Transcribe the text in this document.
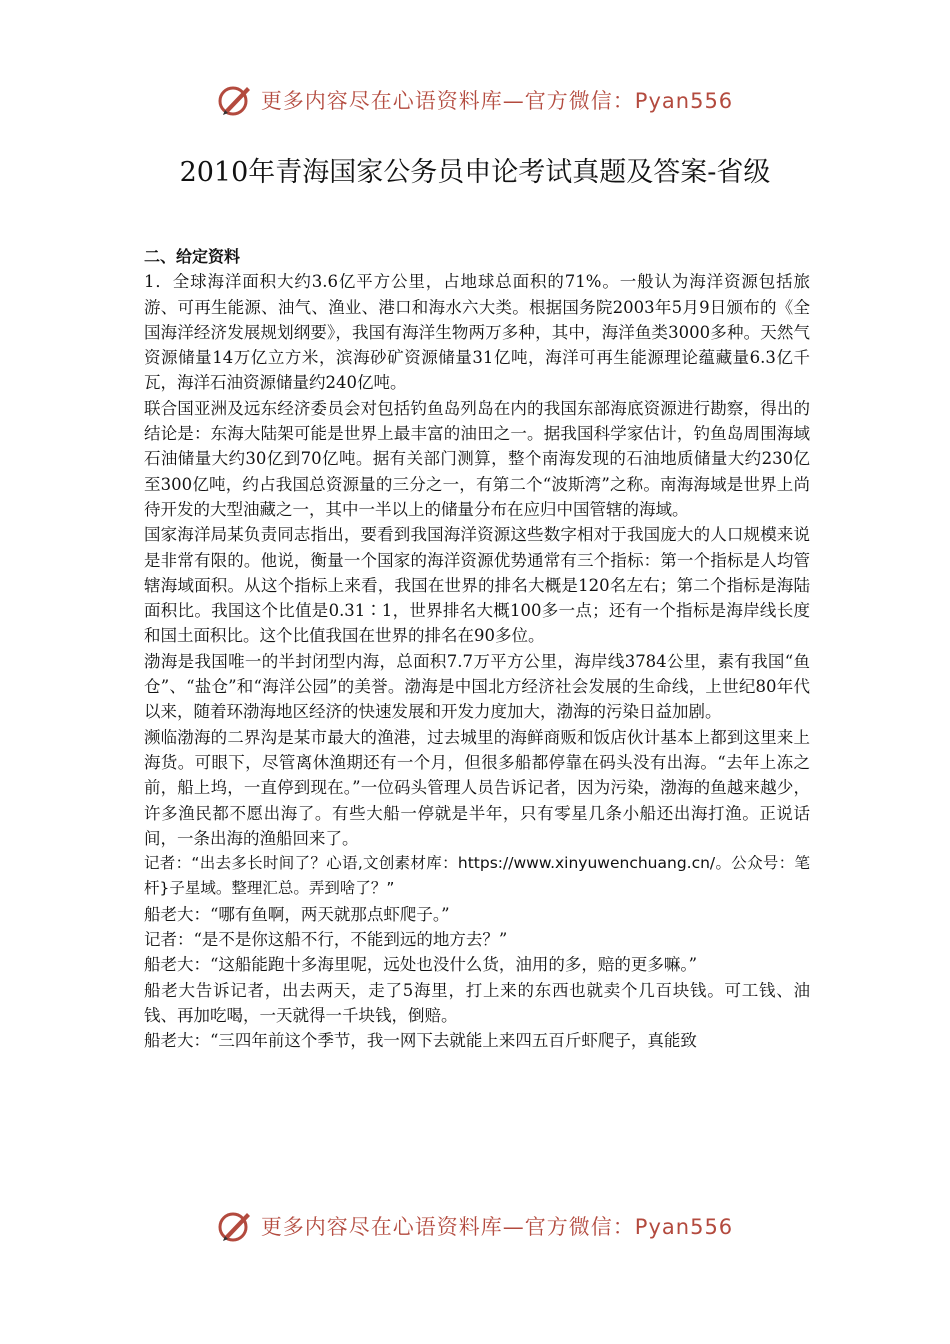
更多内容尽在心语资料库—官方微信：Pyan556
2010年青海国家公务员申论考试真题及答案-省级

二、给定资料

1．全球海洋面积大约3.6亿平方公里，占地球总面积的71%。一般认为海洋资源包括旅游、可再生能源、油气、渔业、港口和海水六大类。根据国务院2003年5月9日颁布的《全国海洋经济发展规划纲要》，我国有海洋生物两万多种，其中，海洋鱼类3000多种。天然气资源储量14万亿立方米，滨海砂矿资源储量31亿吨，海洋可再生能源理论蕴藏量6.3亿千瓦，海洋石油资源储量约240亿吨。

联合国亚洲及远东经济委员会对包括钓鱼岛列岛在内的我国东部海底资源进行勘察，得出的结论是：东海大陆架可能是世界上最丰富的油田之一。据我国科学家估计，钓鱼岛周围海域石油储量大约30亿到70亿吨。据有关部门测算，整个南海发现的石油地质储量大约230亿至300亿吨，约占我国总资源量的三分之一，有第二个“波斯湾”之称。南海海域是世界上尚待开发的大型油藏之一，其中一半以上的储量分布在应归中国管辖的海域。

国家海洋局某负责同志指出，要看到我国海洋资源这些数字相对于我国庞大的人口规模来说是非常有限的。他说，衡量一个国家的海洋资源优势通常有三个指标：第一个指标是人均管辖海域面积。从这个指标上来看，我国在世界的排名大概是120名左右；第二个指标是海陆面积比。我国这个比值是0.31∶1，世界排名大概100多一点；还有一个指标是海岸线长度和国土面积比。这个比值我国在世界的排名在90多位。

渤海是我国唯一的半封闭型内海，总面积7.7万平方公里，海岸线3784公里，素有我国“鱼仓”、“盐仓”和“海洋公园”的美誉。渤海是中国北方经济社会发展的生命线，上世纪80年代以来，随着环渤海地区经济的快速发展和开发力度加大，渤海的污染日益加剧。

濒临渤海的二界沟是某市最大的渔港，过去城里的海鲜商贩和饭店伙计基本上都到这里来上海货。可眼下，尽管离休渔期还有一个月，但很多船都停靠在码头没有出海。“去年上冻之前，船上坞，一直停到现在。”一位码头管理人员告诉记者，因为污染，渤海的鱼越来越少，许多渔民都不愿出海了。有些大船一停就是半年，只有零星几条小船还出海打渔。正说话间，一条出海的渔船回来了。

记者：“出去多长时间了？心语,文创素材库：https://www.xinyuwenchuang.cn/。公众号：笔杆}子星域。整理汇总。弄到啥了？”

船老大：“哪有鱼啊，两天就那点虾爬子。”

记者：“是不是你这船不行，不能到远的地方去？”

船老大：“这船能跑十多海里呢，远处也没什么货，油用的多，赔的更多嘛。”

船老大告诉记者，出去两天，走了5海里，打上来的东西也就卖个几百块钱。可工钱、油钱、再加吃喝，一天就得一千块钱，倒赔。

船老大：“三四年前这个季节，我一网下去就能上来四五百斤虾爬子，真能致

更多内容尽在心语资料库—官方微信：Pyan556
